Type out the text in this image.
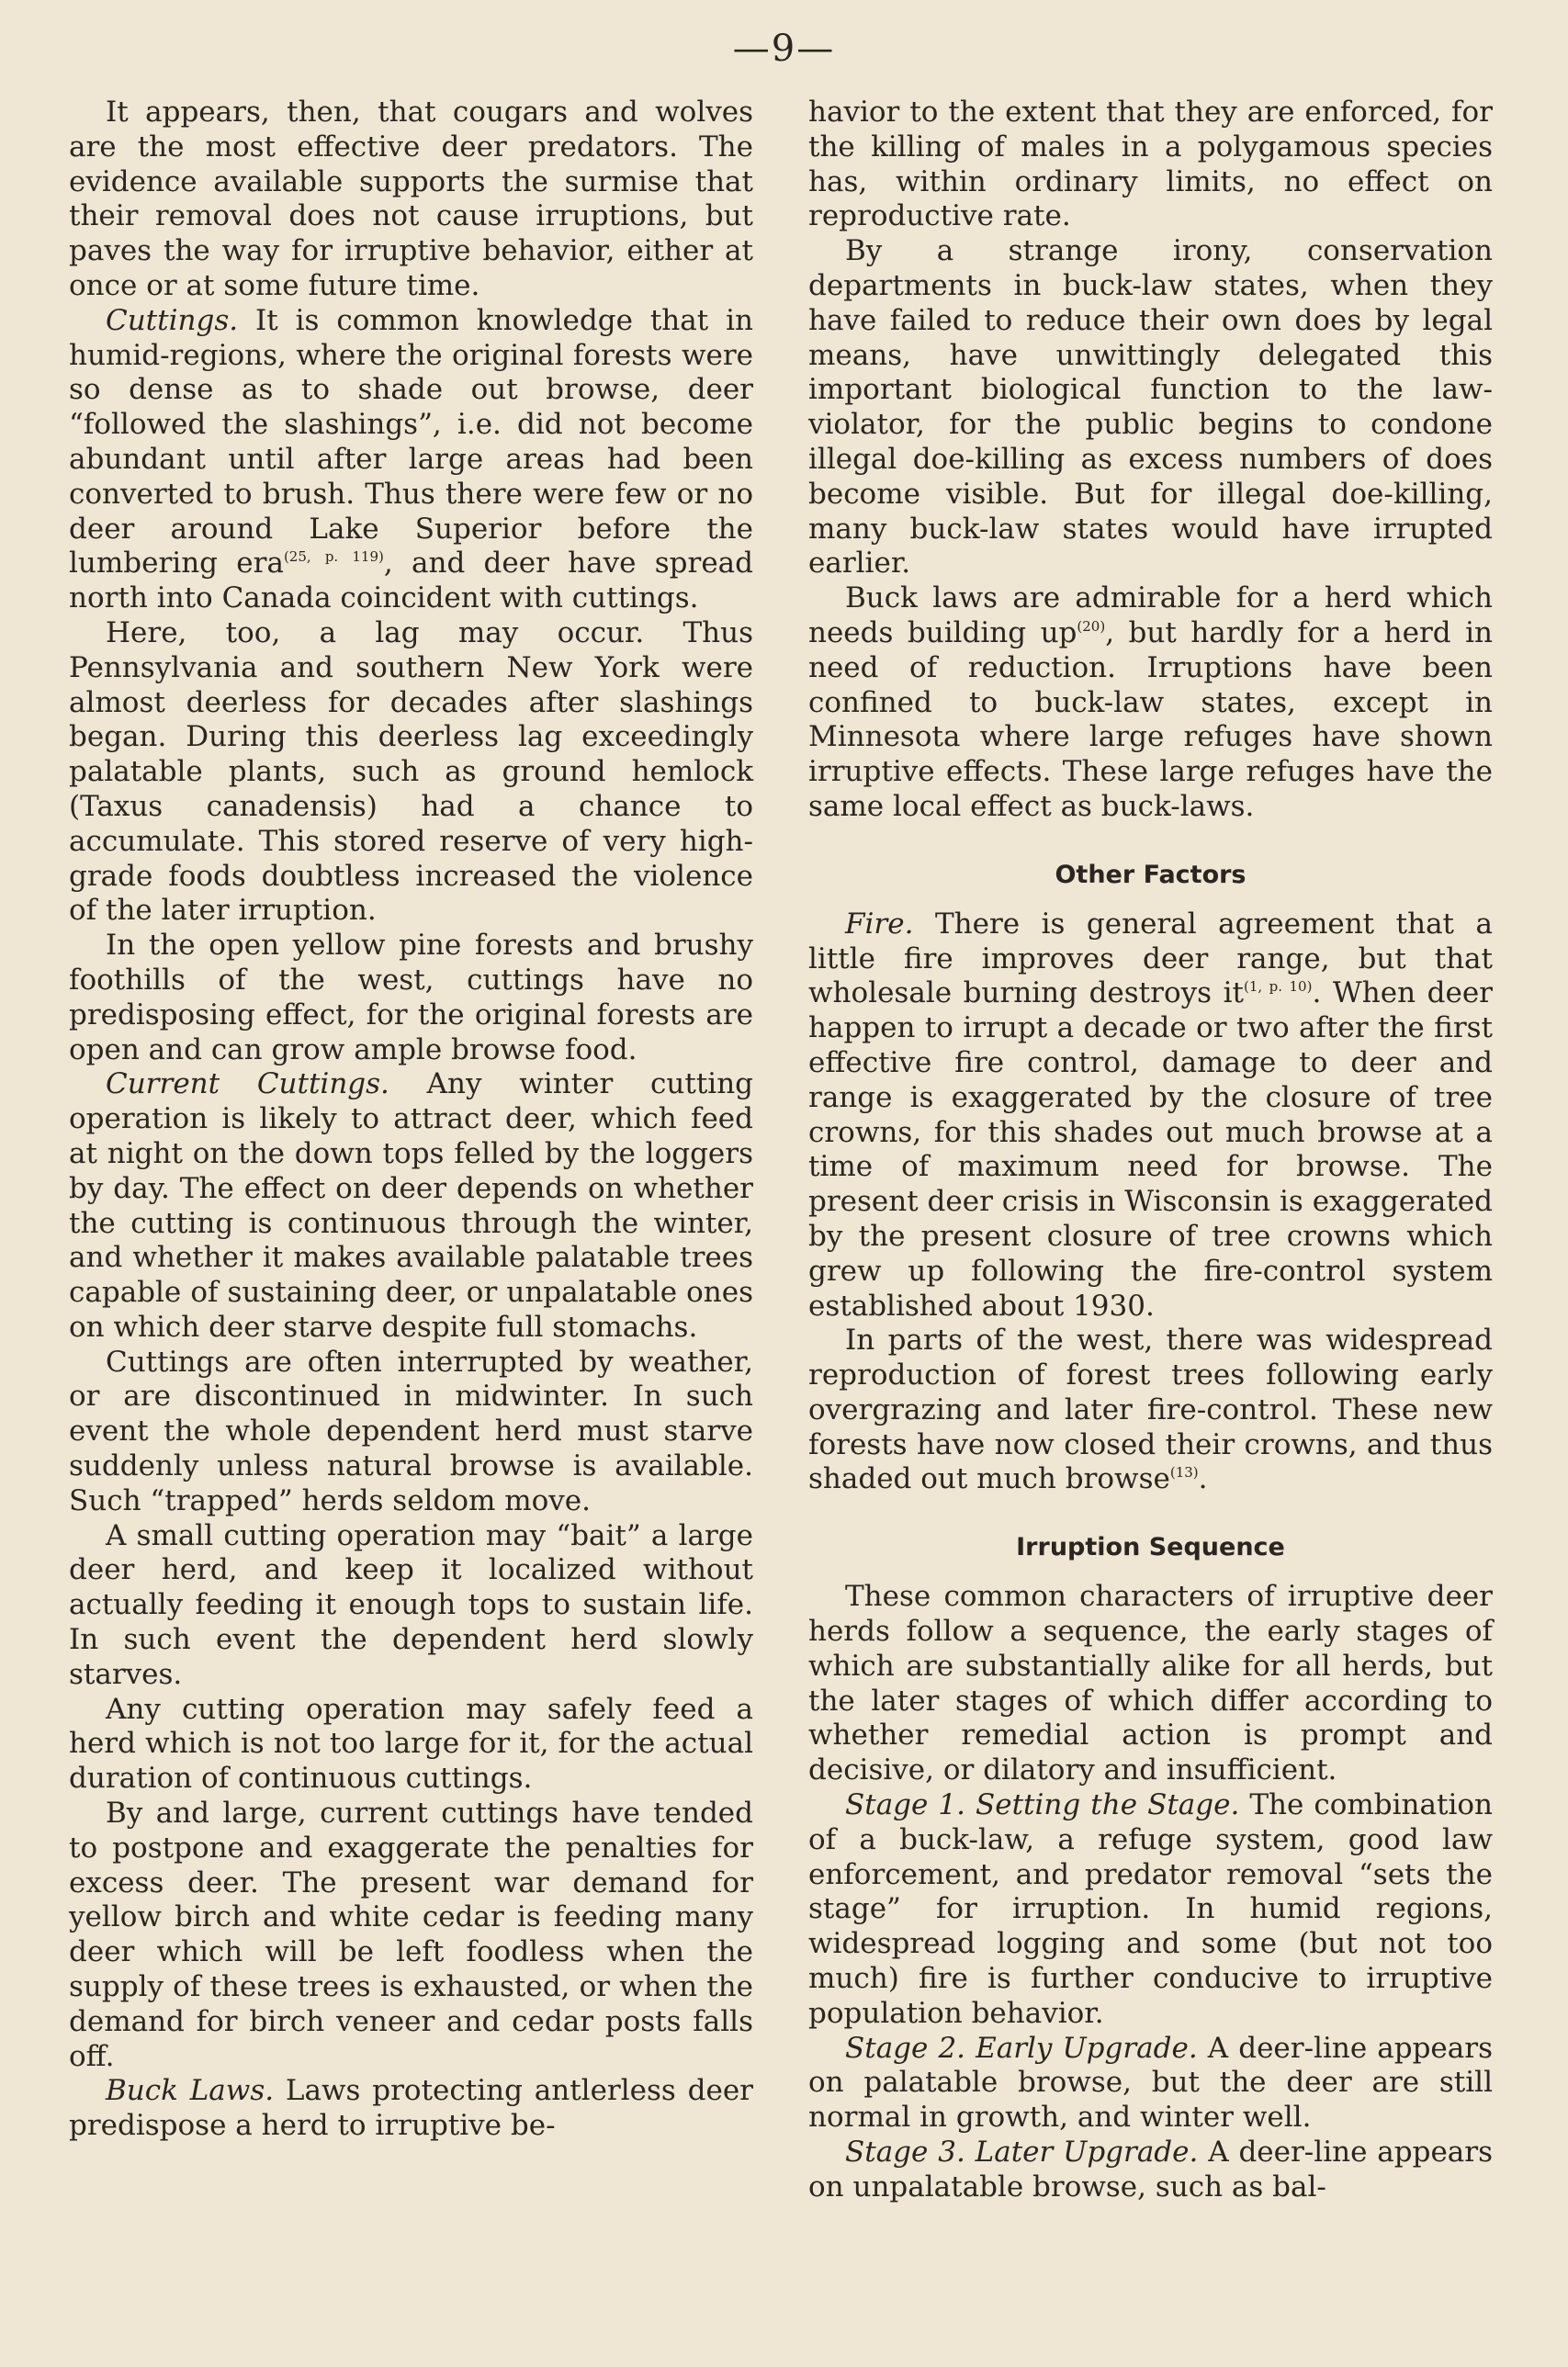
—9—

It appears, then, that cougars and wolves are the most effective deer predators. The evidence available supports the surmise that their removal does not cause irruptions, but paves the way for irruptive behavior, either at once or at some future time.

Cuttings. It is common knowledge that in humid-regions, where the original forests were so dense as to shade out browse, deer “followed the slashings”, i.e. did not become abundant until after large areas had been converted to brush. Thus there were few or no deer around Lake Superior before the lumbering era$^{(25, p. 119)}$, and deer have spread north into Canada coincident with cuttings.

Here, too, a lag may occur. Thus Pennsylvania and southern New York were almost deerless for decades after slashings began. During this deerless lag exceedingly palatable plants, such as ground hemlock (Taxus canadensis) had a chance to accumulate. This stored reserve of very high-grade foods doubtless increased the violence of the later irruption.

In the open yellow pine forests and brushy foothills of the west, cuttings have no predisposing effect, for the original forests are open and can grow ample browse food.

Current Cuttings. Any winter cutting operation is likely to attract deer, which feed at night on the down tops felled by the loggers by day. The effect on deer depends on whether the cutting is continuous through the winter, and whether it makes available palatable trees capable of sustaining deer, or unpalatable ones on which deer starve despite full stomachs.

Cuttings are often interrupted by weather, or are discontinued in midwinter. In such event the whole dependent herd must starve suddenly unless natural browse is available. Such “trapped” herds seldom move.

A small cutting operation may “bait” a large deer herd, and keep it localized without actually feeding it enough tops to sustain life. In such event the dependent herd slowly starves.

Any cutting operation may safely feed a herd which is not too large for it, for the actual duration of continuous cuttings.

By and large, current cuttings have tended to postpone and exaggerate the penalties for excess deer. The present war demand for yellow birch and white cedar is feeding many deer which will be left foodless when the supply of these trees is exhausted, or when the demand for birch veneer and cedar posts falls off.

Buck Laws. Laws protecting antlerless deer predispose a herd to irruptive be-

havior to the extent that they are enforced, for the killing of males in a polygamous species has, within ordinary limits, no effect on reproductive rate.

By a strange irony, conservation departments in buck-law states, when they have failed to reduce their own does by legal means, have unwittingly delegated this important biological function to the law-violator, for the public begins to condone illegal doe-killing as excess numbers of does become visible. But for illegal doe-killing, many buck-law states would have irrupted earlier.

Buck laws are admirable for a herd which needs building $up^{(20)}$, but hardly for a herd in need of reduction. Irruptions have been confined to buck-law states, except in Minnesota where large refuges have shown irruptive effects. These large refuges have the same local effect as buck-laws.

Other Factors

Fire. There is general agreement that a little fire improves deer range, but that wholesale burning destroys $it^{(1, p. 10)}$. When deer happen to irrupt a decade or two after the first effective fire control, damage to deer and range is exaggerated by the closure of tree crowns, for this shades out much browse at a time of maximum need for browse. The present deer crisis in Wisconsin is exaggerated by the present closure of tree crowns which grew up following the fire-control system established about 1930.

In parts of the west, there was widespread reproduction of forest trees following early overgrazing and later fire-control. These new forests have now closed their crowns, and thus shaded out much browse$^{(13)}$.

Irruption Sequence

These common characters of irruptive deer herds follow a sequence, the early stages of which are substantially alike for all herds, but the later stages of which differ according to whether remedial action is prompt and decisive, or dilatory and insufficient.

Stage 1. Setting the Stage. The combination of a buck-law, a refuge system, good law enforcement, and predator removal “sets the stage” for irruption. In humid regions, widespread logging and some (but not too much) fire is further conducive to irruptive population behavior.

Stage 2. Early Upgrade. A deer-line appears on palatable browse, but the deer are still normal in growth, and winter well.

Stage 3. Later Upgrade. A deer-line appears on unpalatable browse, such as bal-
